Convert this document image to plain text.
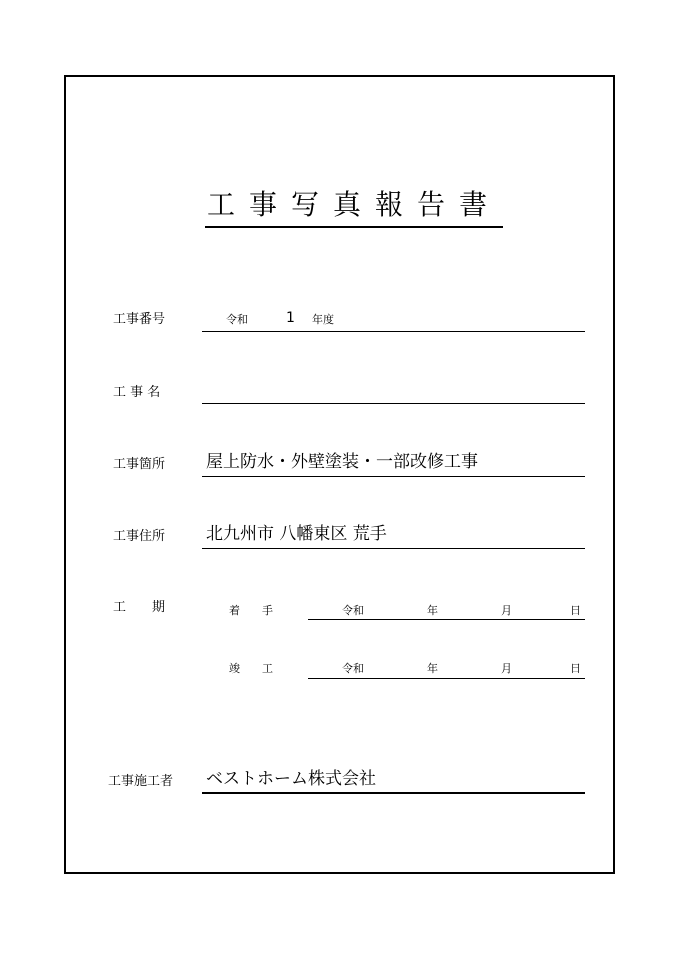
工事写真報告書
工事番号	令和	1 年度
工 事 名
工事箇所 屋上防水・外壁塗装・一部改修工事
工事住所 北九州市 八幡東区 荒手
工　　期	着　　手	令和	年	月	日
竣　　工	令和	年	月	日
工事施工者 ベストホーム株式会社
